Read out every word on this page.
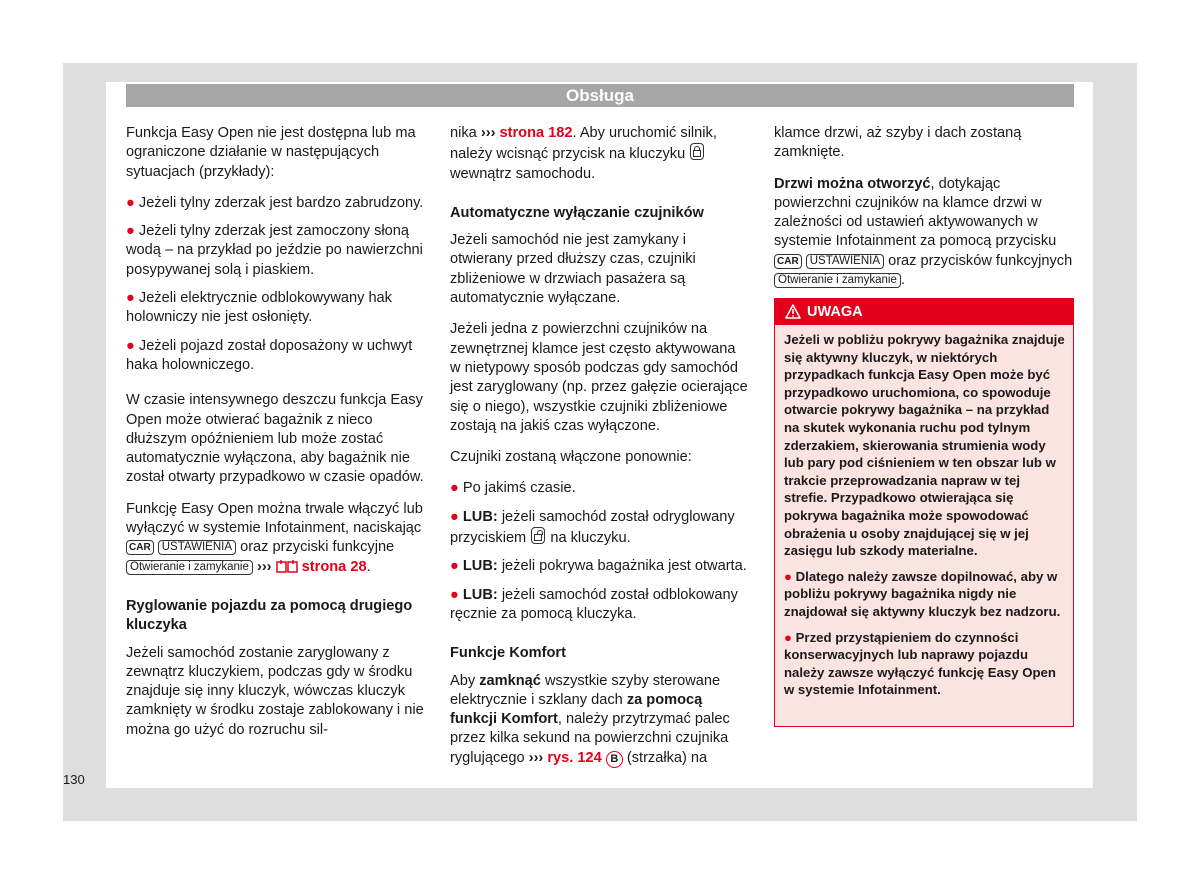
Obsługa

Funkcja Easy Open nie jest dostępna lub ma ograniczone działanie w następujących sytuacjach (przykłady):

● Jeżeli tylny zderzak jest bardzo zabrudzony.
● Jeżeli tylny zderzak jest zamoczony słoną wodą – na przykład po jeździe po nawierzchni posypywanej solą i piaskiem.
● Jeżeli elektrycznie odblokowywany hak holowniczy nie jest osłonięty.
● Jeżeli pojazd został doposażony w uchwyt haka holowniczego.

W czasie intensywnego deszczu funkcja Easy Open może otwierać bagażnik z nieco dłuższym opóźnieniem lub może zostać automatycznie wyłączona, aby bagażnik nie został otwarty przypadkowo w czasie opadów.

Funkcję Easy Open można trwale włączyć lub wyłączyć w systemie Infotainment, naciskając CAR USTAWIENIA oraz przyciski funkcyjne Otwieranie i zamykanie ››› strona 28.

Ryglowanie pojazdu za pomocą drugiego kluczyka

Jeżeli samochód zostanie zaryglowany z zewnątrz kluczykiem, podczas gdy w środku znajduje się inny kluczyk, wówczas kluczyk zamknięty w środku zostaje zablokowany i nie można go użyć do rozruchu sil-

nika ››› strona 182. Aby uruchomić silnik, należy wcisnąć przycisk na kluczyku
wewnątrz samochodu.

Automatyczne wyłączanie czujników

Jeżeli samochód nie jest zamykany i otwierany przed dłuższy czas, czujniki zbliżeniowe w drzwiach pasażera są automatycznie wyłączane.

Jeżeli jedna z powierzchni czujników na zewnętrznej klamce jest często aktywowana w nietypowy sposób podczas gdy samochód jest zaryglowany (np. przez gałęzie ocierające się o niego), wszystkie czujniki zbliżeniowe zostają na jakiś czas wyłączone.

Czujniki zostaną włączone ponownie:

● Po jakimś czasie.
● LUB: jeżeli samochód został odryglowany przyciskiem na kluczyku.
● LUB: jeżeli pokrywa bagażnika jest otwarta.
● LUB: jeżeli samochód został odblokowany ręcznie za pomocą kluczyka.
Funkcje Komfort

Aby zamknąć wszystkie szyby sterowane elektrycznie i szklany dach za pomocą funkcji Komfort, należy przytrzymać palec przez kilka sekund na powierzchni czujnika ryglującego ››› rys. 124 B (strzałka) na

klamce drzwi, aż szyby i dach zostaną zamknięte.

Drzwi można otworzyć, dotykając powierzchni czujników na klamce drzwi w zależności od ustawień aktywowanych w systemie Infotainment za pomocą przycisku CAR USTAWIENIA oraz przycisków funkcyjnych Otwieranie i zamykanie .

UWAGA

Jeżeli w pobliżu pokrywy bagażnika znajduje się aktywny kluczyk, w niektórych przypadkach funkcja Easy Open może być przypadkowo uruchomiona, co spowoduje otwarcie pokrywy bagażnika – na przykład na skutek wykonania ruchu pod tylnym zderzakiem, skierowania strumienia wody lub pary pod ciśnieniem w ten obszar lub w trakcie przeprowadzania napraw w tej strefie. Przypadkowo otwierająca się pokrywa bagażnika może spowodować obrażenia u osoby znajdującej się w jej zasięgu lub szkody materialne.

● Dlatego należy zawsze dopilnować, aby w pobliżu pokrywy bagażnika nigdy nie znajdował się aktywny kluczyk bez nadzoru.

● Przed przystąpieniem do czynności konserwacyjnych lub naprawy pojazdu należy zawsze wyłączyć funkcję Easy Open w systemie Infotainment.

130
